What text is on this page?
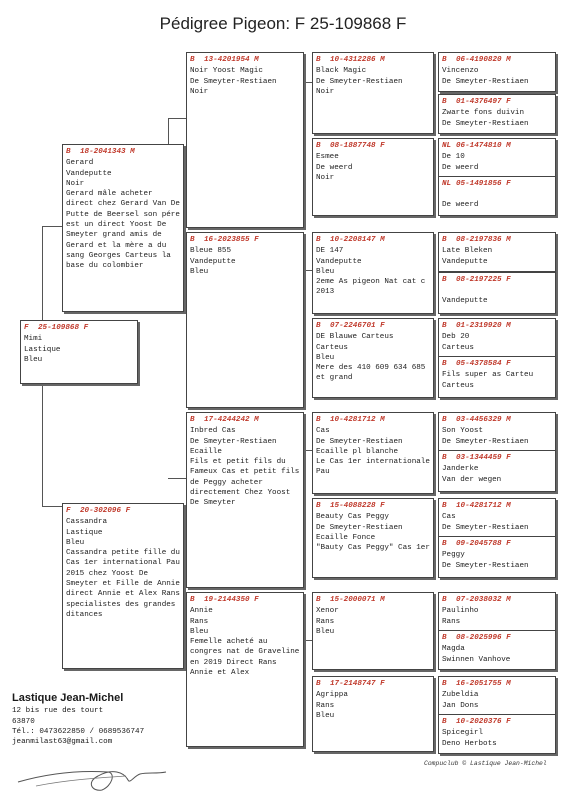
Pédigree Pigeon: F 25-109868 F
F 25-109868 F
Mimi
Lastique
Bleu
B 18-2041343 M
Gerard
Vandeputte
Noir
Gerard mâle acheter direct chez Gerard Van De Putte de Beersel son pére est un direct Yoost De Smeyter grand amis de Gerard et la mère a du sang Georges Carteus la base du colombier
F 20-302096 F
Cassandra
Lastique
Bleu
Cassandra petite fille du Cas 1er international Pau 2015 chez Yoost De Smeyter et Fille de Annie direct Annie et Alex Rans specialistes des grandes ditances
B 13-4201954 M
Noir Yoost Magic
De Smeyter-Restiaen
Noir
B 16-2023855 F
Bleue 855
Vandeputte
Bleu
B 17-4244242 M
Inbred Cas
De Smeyter-Restiaen
Ecaille
Fils et petit fils du Fameux Cas et petit fils de Peggy acheter directement Chez Yoost De Smeyter
B 19-2144350 F
Annie
Rans
Bleu
Femelle acheté au congres nat de Graveline en 2019 Direct Rans Annie et Alex
B 10-4312286 M
Black Magic
De Smeyter-Restiaen
Noir
B 08-1887748 F
Esmee
De weerd
Noir
B 10-2208147 M
DE 147
Vandeputte
Bleu
2eme As pigeon Nat cat c 2013
B 07-2246701 F
DE Blauwe Carteus
Carteus
Bleu
Mere des 410 609 634 685 et grand
B 10-4281712 M
Cas
De Smeyter-Restiaen
Ecaille pl blanche
Le Cas 1er internationale Pau
B 15-4088228 F
Beauty Cas Peggy
De Smeyter-Restiaen
Ecaille Fonce
"Bauty Cas Peggy" Cas 1er
B 15-2000071 M
Xenor
Rans
Bleu
B 17-2148747 F
Agrippa
Rans
Bleu
B 06-4190820 M
Vincenzo
De Smeyter-Restiaen
B 01-4376497 F
Zwarte fons duivin
De Smeyter-Restiaen
NL 06-1474810 M
De 10
De weerd
NL 05-1491856 F
De weerd
B 08-2197836 M
Late Bleken
Vandeputte
B 08-2197225 F
Vandeputte
B 01-2319920 M
Deb 20
Carteus
B 05-4378584 F
Fils super as Carteu
Carteus
B 03-4456329 M
Son Yoost
De Smeyter-Restiaen
B 03-1344459 F
Janderke
Van der wegen
B 10-4281712 M
Cas
De Smeyter-Restiaen
B 09-2045788 F
Peggy
De Smeyter-Restiaen
B 07-2038032 M
Paulinho
Rans
B 08-2025996 F
Magda
Swinnen Vanhove
B 16-2051755 M
Zubeldia
Jan Dons
B 10-2020376 F
Spicegirl
Deno Herbots
Lastique Jean-Michel
12 bis rue des tourt
63870
Tél.: 0473622850 / 0689536747
jeanmilast63@gmail.com
Compuclub © Lastique Jean-Michel
